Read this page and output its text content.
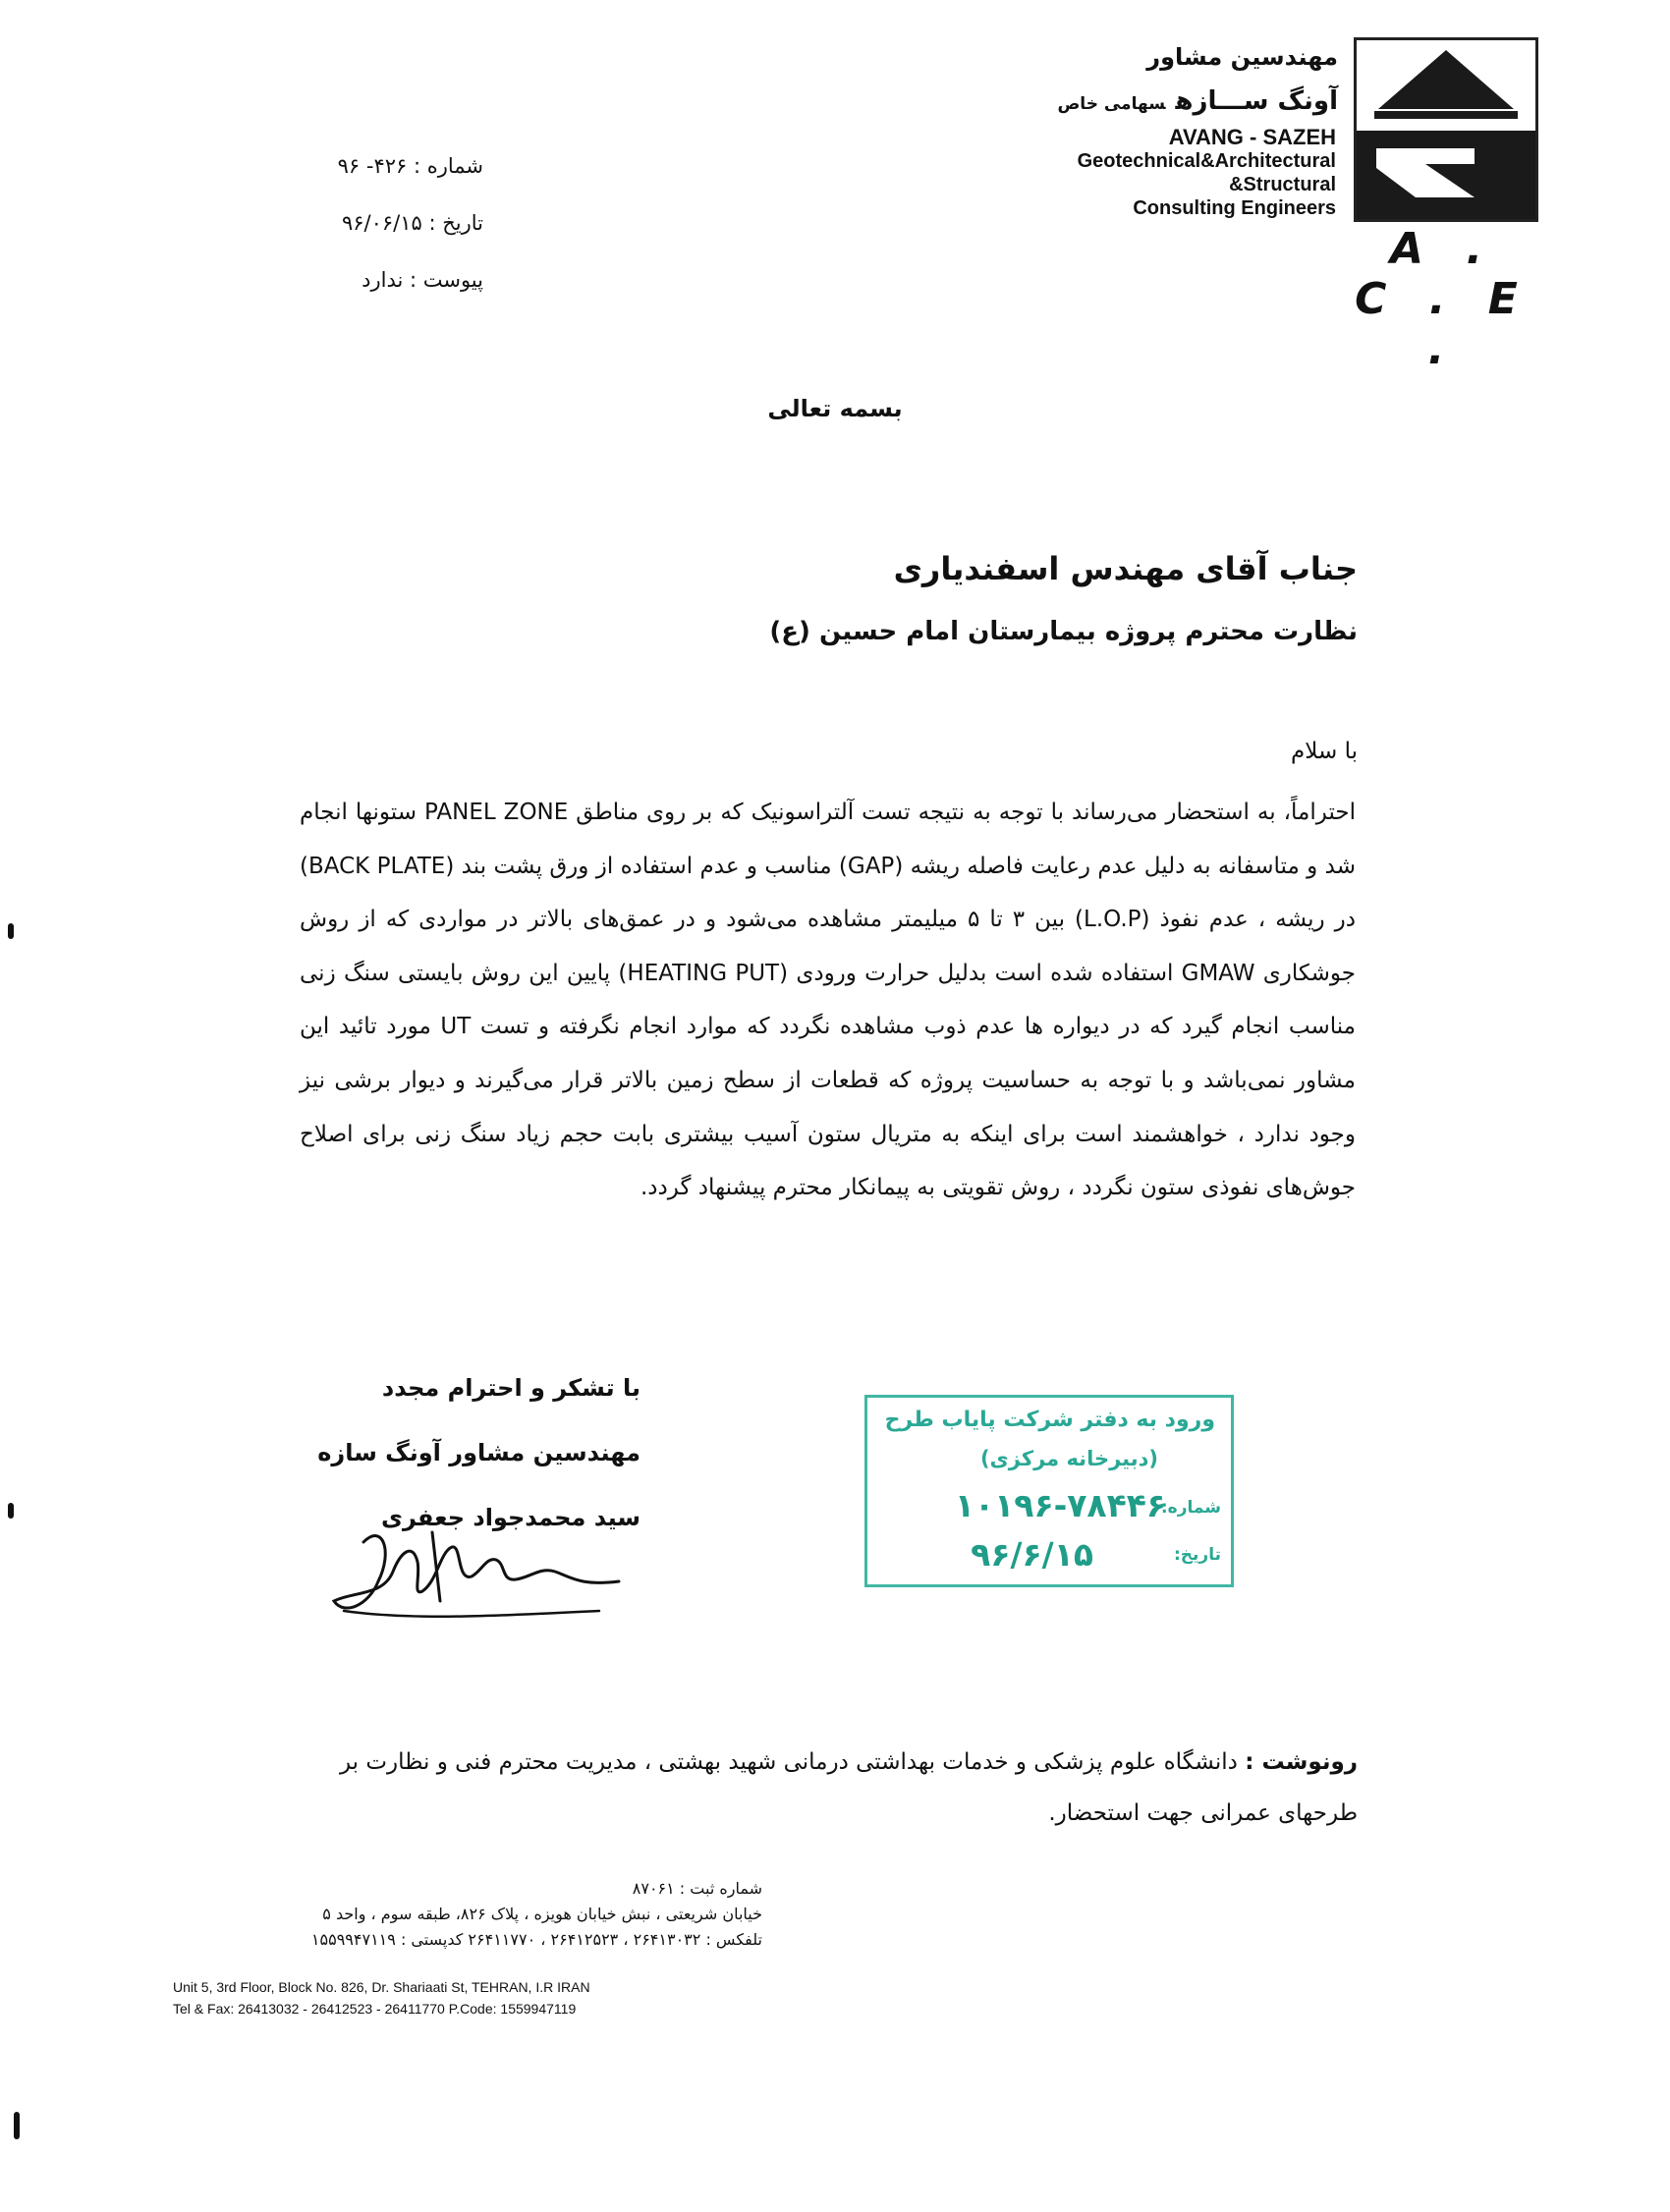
A . C . E .
مهندسین مشاور
آونگ ســـازهسهامی خاص
AVANG - SAZEH
Geotechnical&Architectural
&Structural
Consulting Engineers
شماره : ۴۲۶- ۹۶
تاریخ : ۹۶/۰۶/۱۵
پیوست : ندارد
بسمه تعالی
جناب آقای مهندس اسفندیاری
نظارت محترم پروژه بیمارستان امام حسین (ع)
با سلام
احتراماً، به استحضار می‌رساند با توجه به نتیجه تست آلتراسونیک که بر روی مناطق PANEL ZONE ستونها انجام شد و متاسفانه به دلیل عدم رعایت فاصله ریشه (GAP) مناسب و عدم استفاده از ورق پشت بند (BACK PLATE) در ریشه ، عدم نفوذ (L.O.P) بین ۳ تا ۵ میلیمتر مشاهده می‌شود و در عمق‌های بالاتر در مواردی که از روش جوشکاری GMAW استفاده شده است بدلیل حرارت ورودی (HEATING PUT) پایین این روش بایستی سنگ زنی مناسب انجام گیرد که در دیواره ها عدم ذوب مشاهده نگردد که موارد انجام نگرفته و تست UT مورد تائید این مشاور نمی‌باشد و با توجه به حساسیت پروژه که قطعات از سطح زمین بالاتر قرار می‌گیرند و دیوار برشی نیز وجود ندارد ، خواهشمند است برای اینکه به متریال ستون آسیب بیشتری بابت حجم زیاد سنگ زنی برای اصلاح جوش‌های نفوذی ستون نگردد ، روش تقویتی به پیمانکار محترم پیشنهاد گردد.
با تشکر و احترام مجدد
مهندسین مشاور آونگ سازه
سید محمدجواد جعفری
ورود به دفتر شرکت پایاب طرح
(دبیرخانه مرکزی)
شماره:
۱۰۱۹۶-۷۸۴۴۶
تاریخ:
۹۶/۶/۱۵
رونوشت : دانشگاه علوم پزشکی و خدمات بهداشتی درمانی شهید بهشتی ، مدیریت محترم فنی و نظارت بر طرحهای عمرانی جهت استحضار.
شماره ثبت : ۸۷۰۶۱
خیابان شریعتی ، نبش خیابان هویزه ، پلاک ۸۲۶، طبقه سوم ، واحد ۵
تلفکس : ۲۶۴۱۳۰۳۲ ، ۲۶۴۱۲۵۲۳ ، ۲۶۴۱۱۷۷۰ کدپستی : ۱۵۵۹۹۴۷۱۱۹
Unit 5, 3rd Floor, Block No. 826, Dr. Shariaati St, TEHRAN, I.R IRAN
Tel & Fax: 26413032 - 26412523 - 26411770 P.Code: 1559947119
